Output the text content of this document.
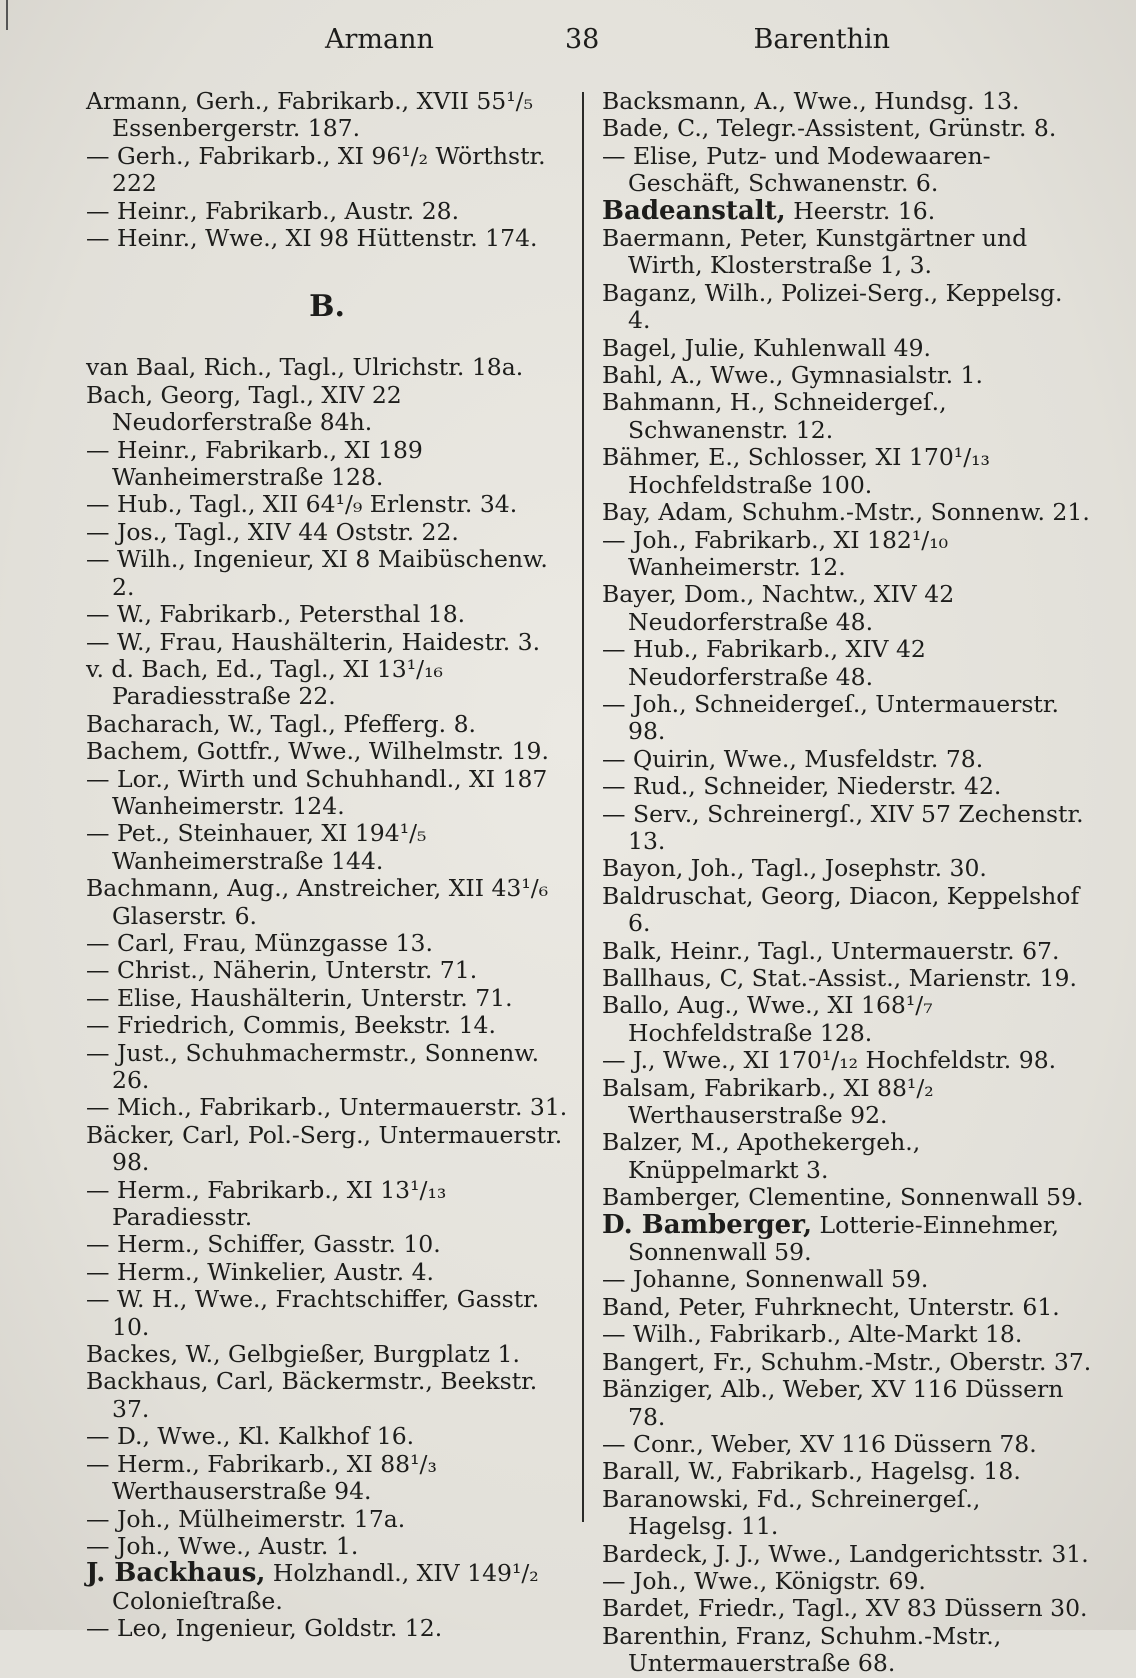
Armann	38	Barenthin
Armann, Gerh., Fabrikarb., XVII 55¹/₅ Essenbergerstr. 187.
— Gerh., Fabrikarb., XI 96¹/₂ Wörthstr. 222
— Heinr., Fabrikarb., Austr. 28.
— Heinr., Wwe., XI 98 Hüttenstr. 174.
B.
van Baal, Rich., Tagl., Ulrichstr. 18a.
Bach, Georg, Tagl., XIV 22 Neudorferstraße 84h.
— Heinr., Fabrikarb., XI 189 Wanheimerstraße 128.
— Hub., Tagl., XII 64¹/₉ Erlenstr. 34.
— Jos., Tagl., XIV 44 Oststr. 22.
— Wilh., Ingenieur, XI 8 Maibüschenw. 2.
— W., Fabrikarb., Petersthal 18.
— W., Frau, Haushälterin, Haidestr. 3.
v. d. Bach, Ed., Tagl., XI 13¹/₁₆ Paradiesstraße 22.
Bacharach, W., Tagl., Pfefferg. 8.
Bachem, Gottfr., Wwe., Wilhelmstr. 19.
— Lor., Wirth und Schuhhandl., XI 187 Wanheimerstr. 124.
— Pet., Steinhauer, XI 194¹/₅ Wanheimerstraße 144.
Bachmann, Aug., Anstreicher, XII 43¹/₆ Glaserstr. 6.
— Carl, Frau, Münzgasse 13.
— Christ., Näherin, Unterstr. 71.
— Elise, Haushälterin, Unterstr. 71.
— Friedrich, Commis, Beekstr. 14.
— Just., Schuhmachermstr., Sonnenw. 26.
— Mich., Fabrikarb., Untermauerstr. 31.
Bäcker, Carl, Pol.-Serg., Untermauerstr. 98.
— Herm., Fabrikarb., XI 13¹/₁₃ Paradiesstr.
— Herm., Schiffer, Gasstr. 10.
— Herm., Winkelier, Austr. 4.
— W. H., Wwe., Frachtschiffer, Gasstr. 10.
Backes, W., Gelbgießer, Burgplatz 1.
Backhaus, Carl, Bäckermstr., Beekstr. 37.
— D., Wwe., Kl. Kalkhof 16.
— Herm., Fabrikarb., XI 88¹/₃ Werthauserstraße 94.
— Joh., Mülheimerstr. 17a.
— Joh., Wwe., Austr. 1.
J. Backhaus, Holzhandl., XIV 149¹/₂ Colonieſtraße.
— Leo, Ingenieur, Goldstr. 12.
Backsmann, A., Wwe., Hundsg. 13.
Bade, C., Telegr.-Assistent, Grünstr. 8.
— Elise, Putz- und Modewaaren-Geschäft, Schwanenstr. 6.
Badeanstalt, Heerstr. 16.
Baermann, Peter, Kunstgärtner und Wirth, Klosterstraße 1, 3.
Baganz, Wilh., Polizei-Serg., Keppelsg. 4.
Bagel, Julie, Kuhlenwall 49.
Bahl, A., Wwe., Gymnasialstr. 1.
Bahmann, H., Schneidergeſ., Schwanenstr. 12.
Bähmer, E., Schlosser, XI 170¹/₁₃ Hochfeldstraße 100.
Bay, Adam, Schuhm.-Mstr., Sonnenw. 21.
— Joh., Fabrikarb., XI 182¹/₁₀ Wanheimerstr. 12.
Bayer, Dom., Nachtw., XIV 42 Neudorferstraße 48.
— Hub., Fabrikarb., XIV 42 Neudorferstraße 48.
— Joh., Schneidergeſ., Untermauerstr. 98.
— Quirin, Wwe., Musfeldstr. 78.
— Rud., Schneider, Niederstr. 42.
— Serv., Schreinergſ., XIV 57 Zechenstr. 13.
Bayon, Joh., Tagl., Josephstr. 30.
Baldruschat, Georg, Diacon, Keppelshof 6.
Balk, Heinr., Tagl., Untermauerstr. 67.
Ballhaus, C, Stat.-Assist., Marienstr. 19.
Ballo, Aug., Wwe., XI 168¹/₇ Hochfeldstraße 128.
— J., Wwe., XI 170¹/₁₂ Hochfeldstr. 98.
Balsam, Fabrikarb., XI 88¹/₂ Werthauserstraße 92.
Balzer, M., Apothekergeh., Knüppelmarkt 3.
Bamberger, Clementine, Sonnenwall 59.
D. Bamberger, Lotterie-Einnehmer, Sonnenwall 59.
— Johanne, Sonnenwall 59.
Band, Peter, Fuhrknecht, Unterstr. 61.
— Wilh., Fabrikarb., Alte-Markt 18.
Bangert, Fr., Schuhm.-Mstr., Oberstr. 37.
Bänziger, Alb., Weber, XV 116 Düssern 78.
— Conr., Weber, XV 116 Düssern 78.
Barall, W., Fabrikarb., Hagelsg. 18.
Baranowski, Fd., Schreinergeſ., Hagelsg. 11.
Bardeck, J. J., Wwe., Landgerichtsstr. 31.
— Joh., Wwe., Königstr. 69.
Bardet, Friedr., Tagl., XV 83 Düssern 30.
Barenthin, Franz, Schuhm.-Mstr., Untermauerstraße 68.
